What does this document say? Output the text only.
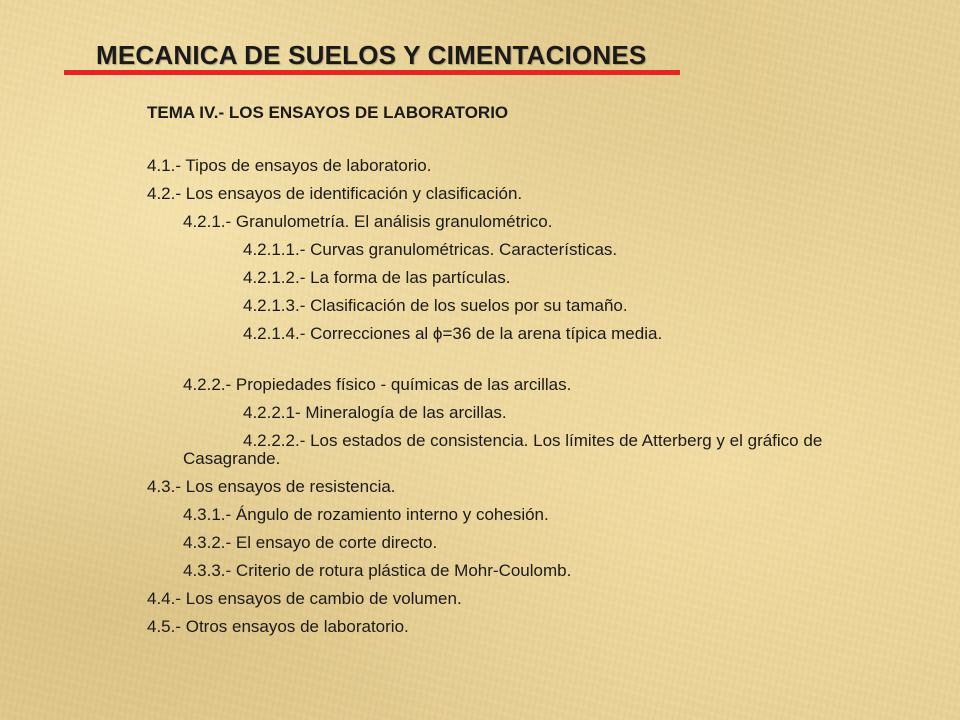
MECANICA DE SUELOS Y CIMENTACIONES

TEMA IV.- LOS ENSAYOS DE LABORATORIO

4.1.- Tipos de ensayos de laboratorio.

4.2.- Los ensayos de identificación y clasificación.

4.2.1.- Granulometría. El análisis granulométrico.

4.2.1.1.- Curvas granulométricas. Características.

4.2.1.2.- La forma de las partículas.

4.2.1.3.- Clasificación de los suelos por su tamaño.

4.2.1.4.- Correcciones al ϕ=36 de la arena típica media.

4.2.2.- Propiedades físico - químicas de las arcillas.

4.2.2.1- Mineralogía de las arcillas.

4.2.2.2.- Los estados de consistencia. Los límites de Atterberg y el gráfico de Casagrande.

4.3.- Los ensayos de resistencia.

4.3.1.- Ángulo de rozamiento interno y cohesión.

4.3.2.- El ensayo de corte directo.

4.3.3.- Criterio de rotura plástica de Mohr-Coulomb.

4.4.- Los ensayos de cambio de volumen.

4.5.- Otros ensayos de laboratorio.
